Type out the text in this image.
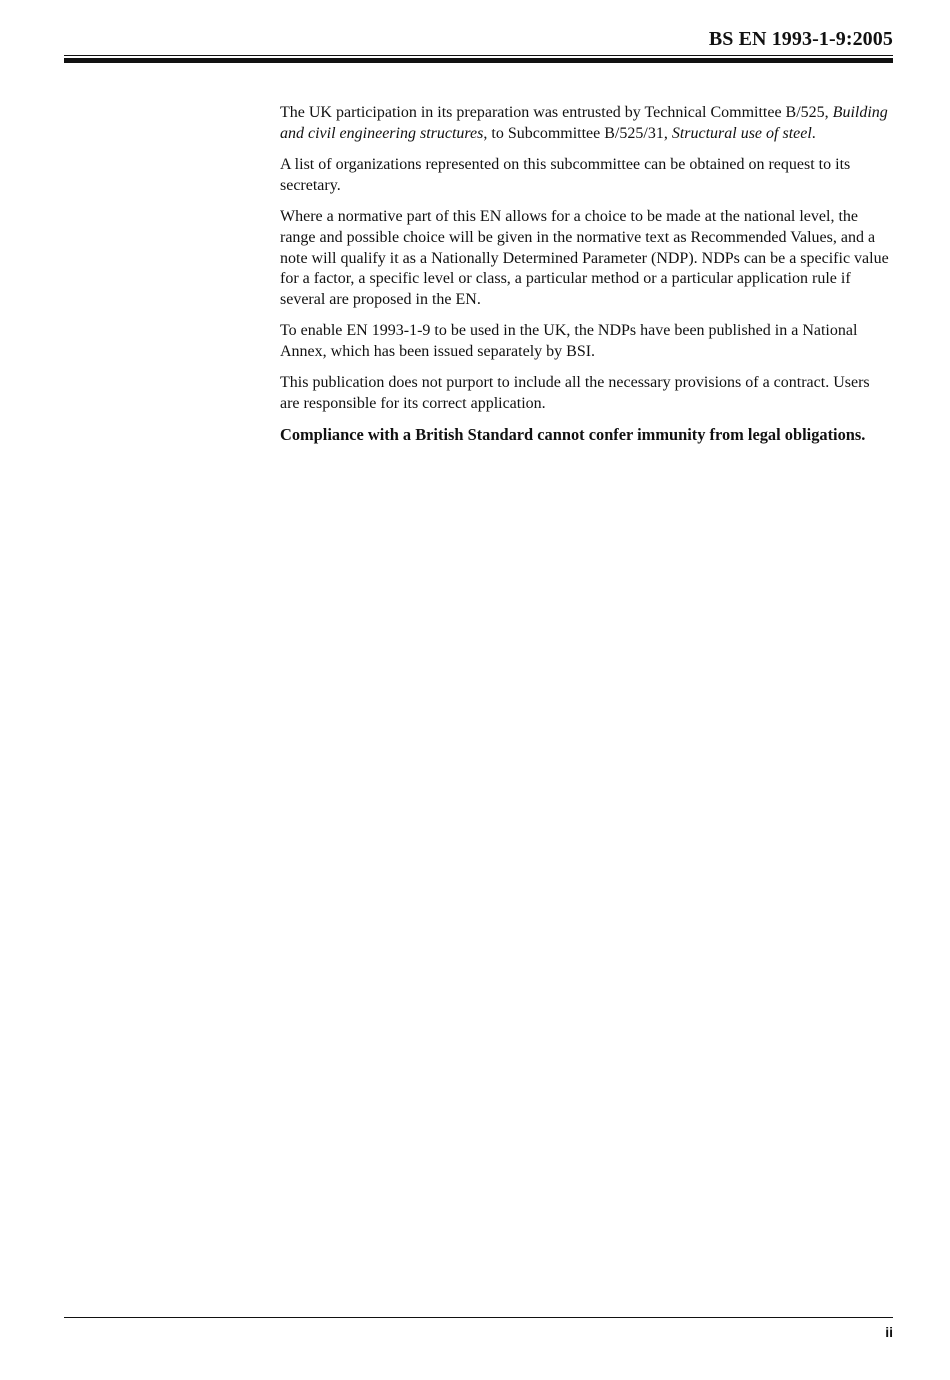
BS EN 1993-1-9:2005

The UK participation in its preparation was entrusted by Technical Committee B/525, Building and civil engineering structures, to Subcommittee B/525/31, Structural use of steel.

A list of organizations represented on this subcommittee can be obtained on request to its secretary.

Where a normative part of this EN allows for a choice to be made at the national level, the range and possible choice will be given in the normative text as Recommended Values, and a note will qualify it as a Nationally Determined Parameter (NDP). NDPs can be a specific value for a factor, a specific level or class, a particular method or a particular application rule if several are proposed in the EN.

To enable EN 1993-1-9 to be used in the UK, the NDPs have been published in a National Annex, which has been issued separately by BSI.

This publication does not purport to include all the necessary provisions of a contract. Users are responsible for its correct application.

Compliance with a British Standard cannot confer immunity from legal obligations.

ii
